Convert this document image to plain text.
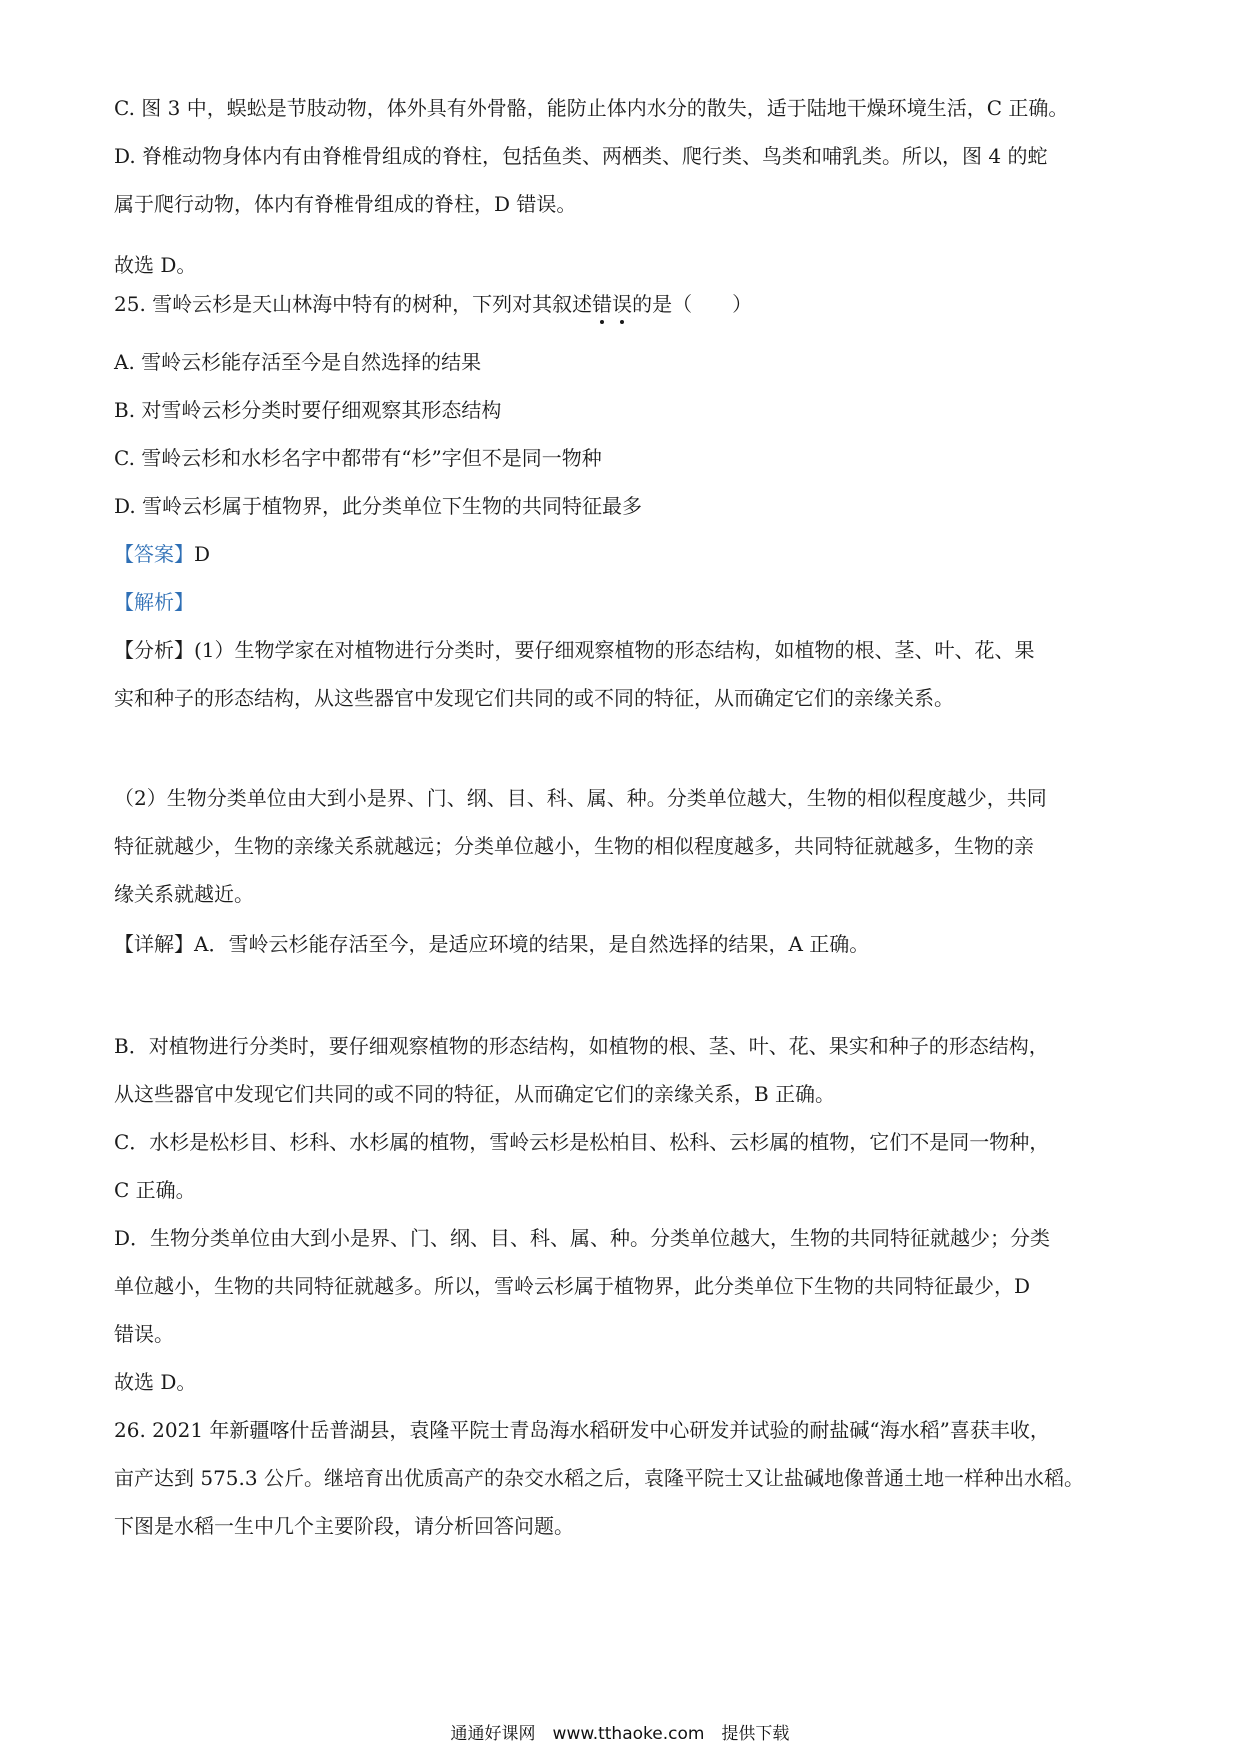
C. 图 3 中，蜈蚣是节肢动物，体外具有外骨骼，能防止体内水分的散失，适于陆地干燥环境生活，C 正确。
D. 脊椎动物身体内有由脊椎骨组成的脊柱，包括鱼类、两栖类、爬行类、鸟类和哺乳类。所以，图 4 的蛇
属于爬行动物，体内有脊椎骨组成的脊柱，D 错误。
故选 D。
25. 雪岭云杉是天山林海中特有的树种，下列对其叙述错误的是（　　）
A. 雪岭云杉能存活至今是自然选择的结果
B. 对雪岭云杉分类时要仔细观察其形态结构
C. 雪岭云杉和水杉名字中都带有“杉”字但不是同一物种
D. 雪岭云杉属于植物界，此分类单位下生物的共同特征最多
【答案】D
【解析】
【分析】(1）生物学家在对植物进行分类时，要仔细观察植物的形态结构，如植物的根、茎、叶、花、果
实和种子的形态结构，从这些器官中发现它们共同的或不同的特征，从而确定它们的亲缘关系。
（2）生物分类单位由大到小是界、门、纲、目、科、属、种。分类单位越大，生物的相似程度越少，共同
特征就越少，生物的亲缘关系就越远；分类单位越小，生物的相似程度越多，共同特征就越多，生物的亲
缘关系就越近。
【详解】A．雪岭云杉能存活至今，是适应环境的结果，是自然选择的结果，A 正确。
B．对植物进行分类时，要仔细观察植物的形态结构，如植物的根、茎、叶、花、果实和种子的形态结构，
从这些器官中发现它们共同的或不同的特征，从而确定它们的亲缘关系，B 正确。
C．水杉是松杉目、杉科、水杉属的植物，雪岭云杉是松柏目、松科、云杉属的植物，它们不是同一物种，
C 正确。
D．生物分类单位由大到小是界、门、纲、目、科、属、种。分类单位越大，生物的共同特征就越少；分类
单位越小，生物的共同特征就越多。所以，雪岭云杉属于植物界，此分类单位下生物的共同特征最少，D
错误。
故选 D。
26. 2021 年新疆喀什岳普湖县，袁隆平院士青岛海水稻研发中心研发并试验的耐盐碱“海水稻”喜获丰收，
亩产达到 575.3 公斤。继培育出优质高产的杂交水稻之后，袁隆平院士又让盐碱地像普通土地一样种出水稻。
下图是水稻一生中几个主要阶段，请分析回答问题。
通通好课网　www.tthaoke.com　提供下载
